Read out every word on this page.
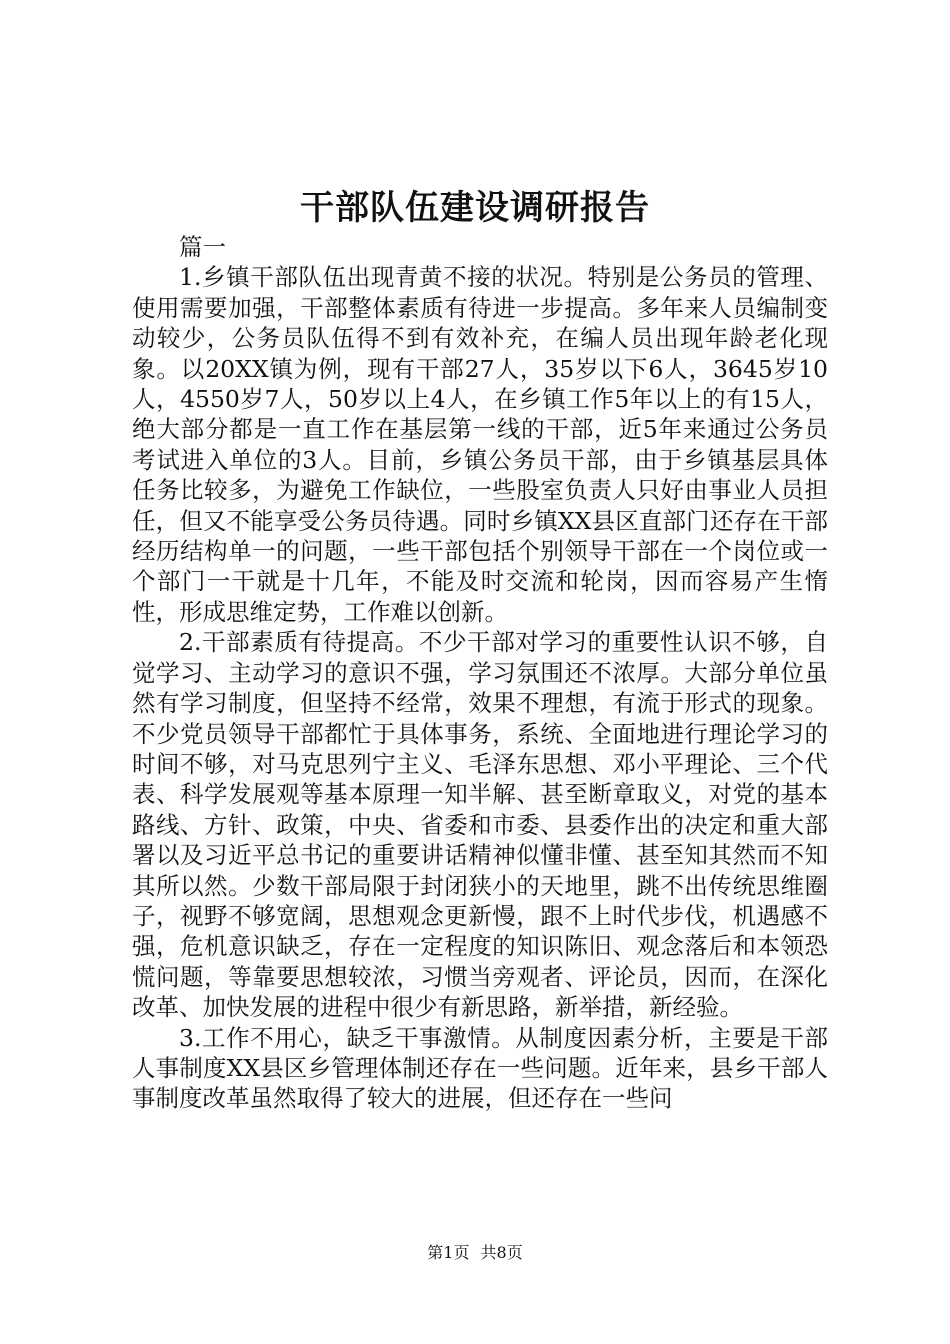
干部队伍建设调研报告

篇一

1.乡镇干部队伍出现青黄不接的状况。特别是公务员的管理、使用需要加强，干部整体素质有待进一步提高。多年来人员编制变动较少，公务员队伍得不到有效补充，在编人员出现年龄老化现象。以20XX镇为例，现有干部27人，35岁以下6人，3645岁10人，4550岁7人，50岁以上4人，在乡镇工作5年以上的有15人，绝大部分都是一直工作在基层第一线的干部，近5年来通过公务员考试进入单位的3人。目前，乡镇公务员干部，由于乡镇基层具体任务比较多，为避免工作缺位，一些股室负责人只好由事业人员担任，但又不能享受公务员待遇。同时乡镇XX县区直部门还存在干部经历结构单一的问题，一些干部包括个别领导干部在一个岗位或一个部门一干就是十几年，不能及时交流和轮岗，因而容易产生惰性，形成思维定势，工作难以创新。

2.干部素质有待提高。不少干部对学习的重要性认识不够，自觉学习、主动学习的意识不强，学习氛围还不浓厚。大部分单位虽然有学习制度，但坚持不经常，效果不理想，有流于形式的现象。不少党员领导干部都忙于具体事务，系统、全面地进行理论学习的时间不够，对马克思列宁主义、毛泽东思想、邓小平理论、三个代表、科学发展观等基本原理一知半解、甚至断章取义，对党的基本路线、方针、政策，中央、省委和市委、县委作出的决定和重大部署以及习近平总书记的重要讲话精神似懂非懂、甚至知其然而不知其所以然。少数干部局限于封闭狭小的天地里，跳不出传统思维圈子，视野不够宽阔，思想观念更新慢，跟不上时代步伐，机遇感不强，危机意识缺乏，存在一定程度的知识陈旧、观念落后和本领恐慌问题，等靠要思想较浓，习惯当旁观者、评论员，因而，在深化改革、加快发展的进程中很少有新思路，新举措，新经验。

3.工作不用心，缺乏干事激情。从制度因素分析，主要是干部人事制度XX县区乡管理体制还存在一些问题。近年来，县乡干部人事制度改革虽然取得了较大的进展，但还存在一些问

第1页 共8页
